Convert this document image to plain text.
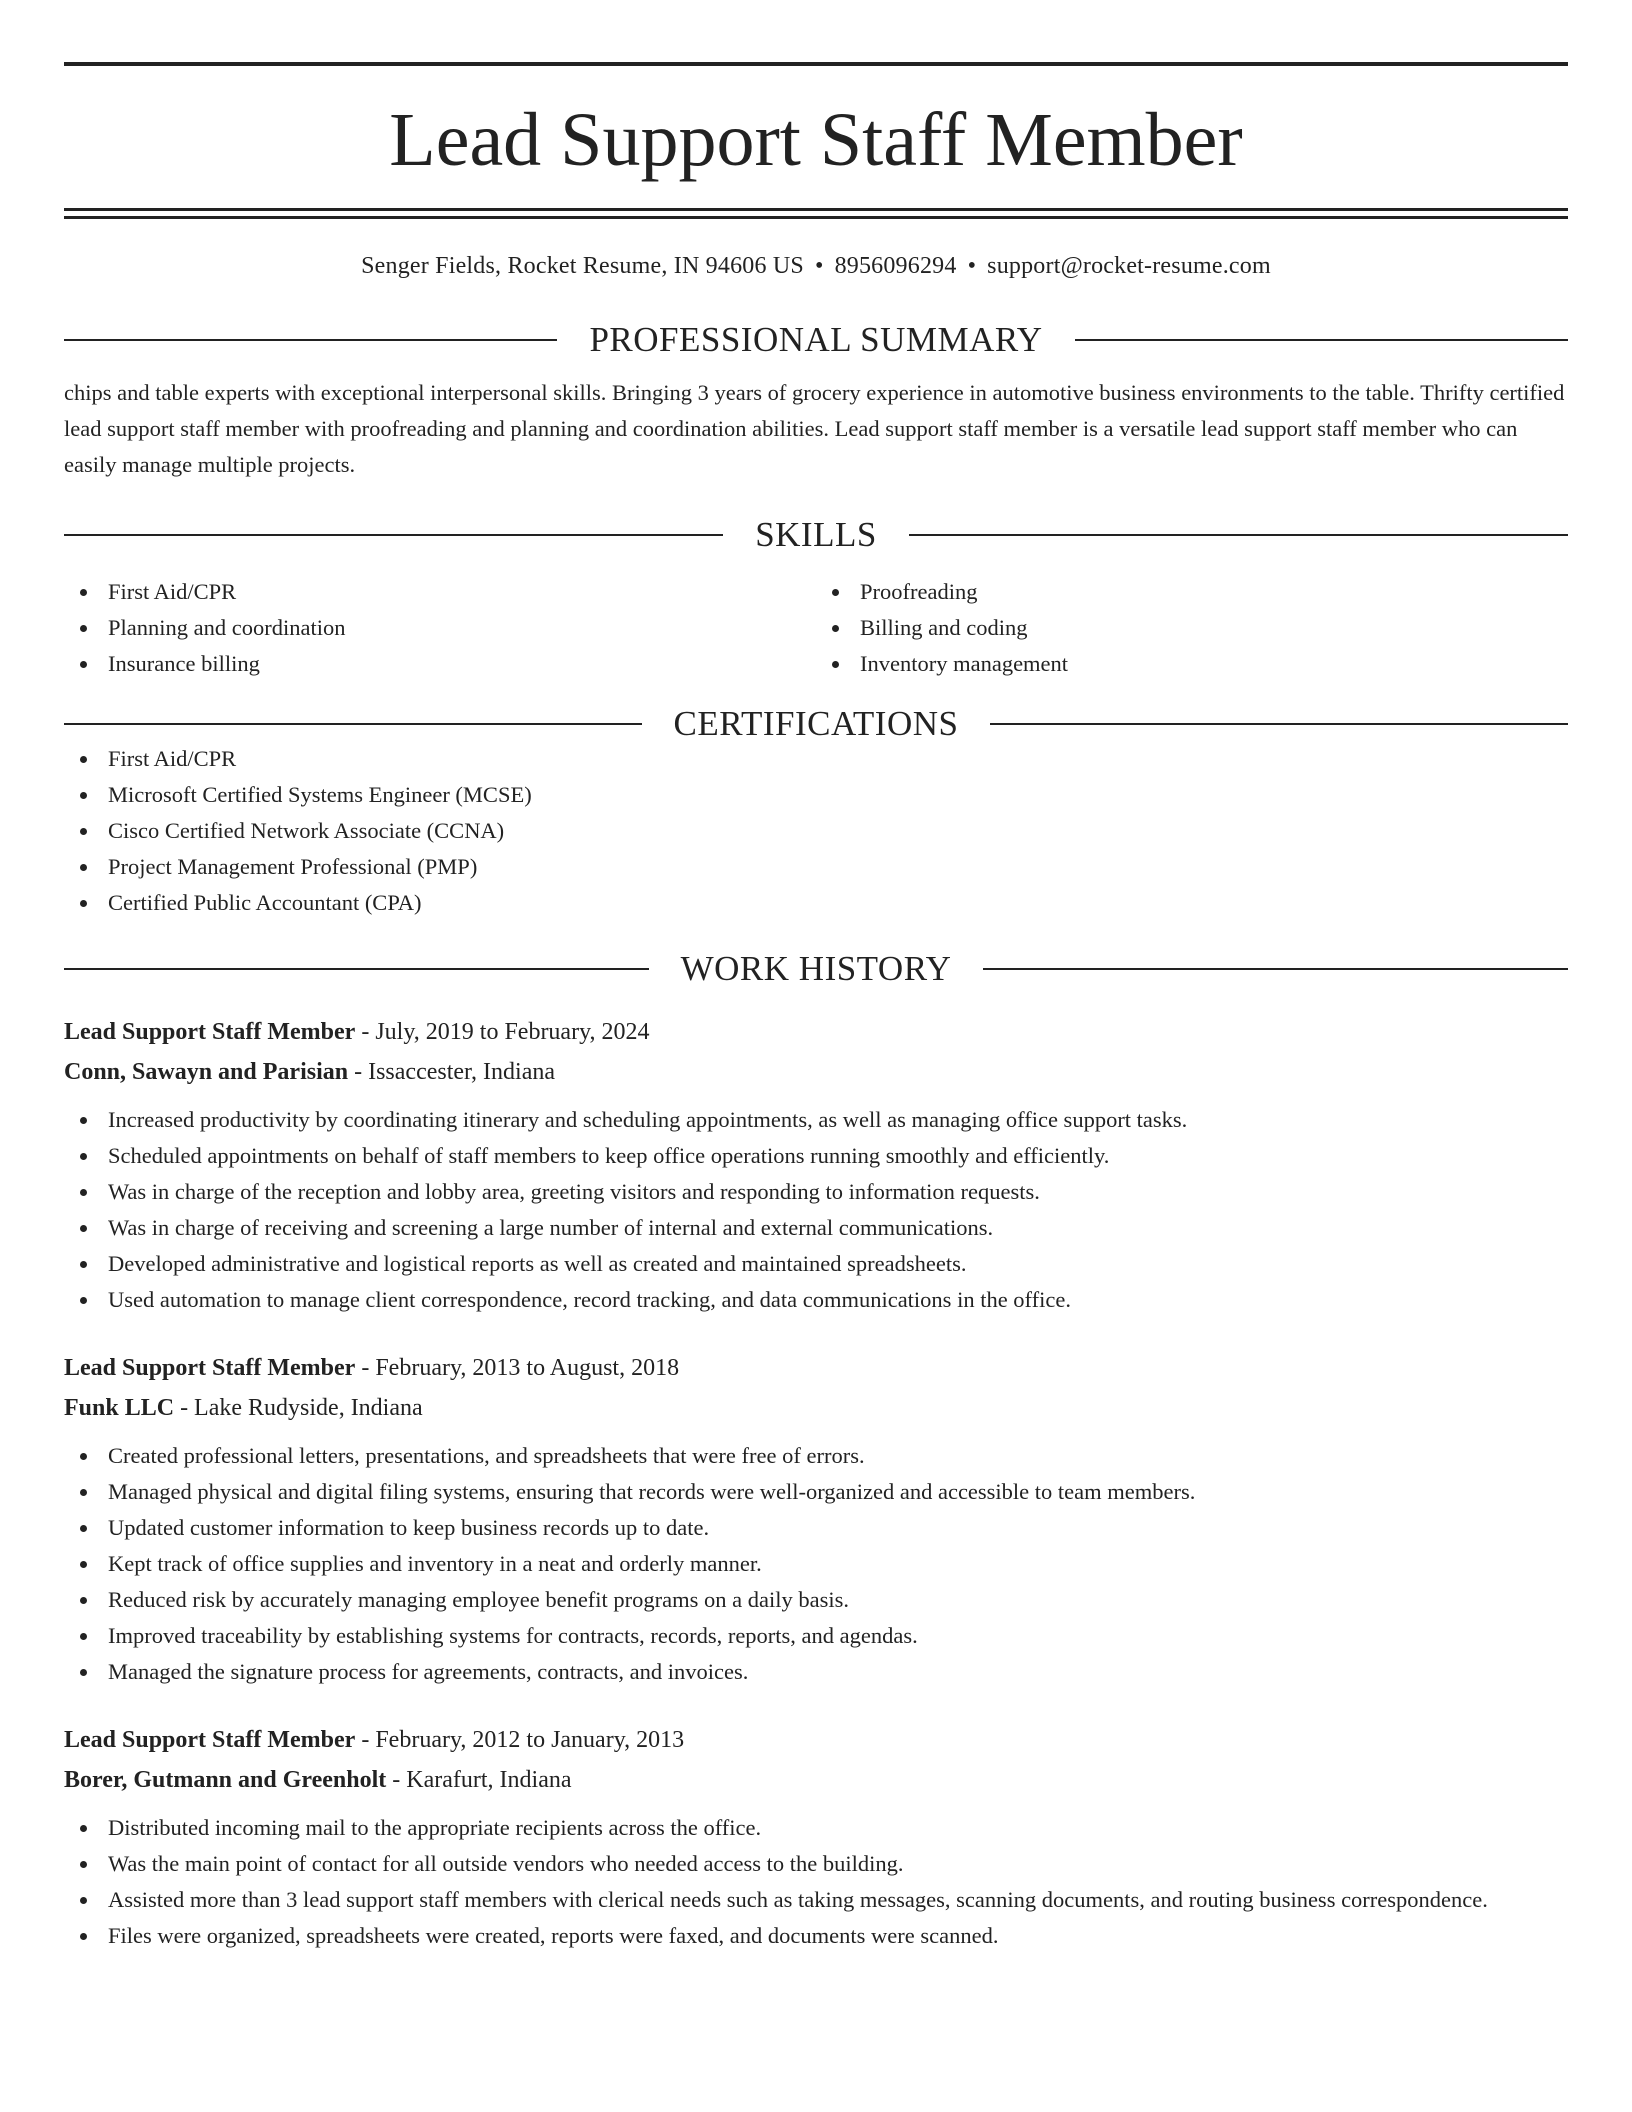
Lead Support Staff Member
Senger Fields, Rocket Resume, IN 94606 US • 8956096294 • support@rocket-resume.com
PROFESSIONAL SUMMARY

chips and table experts with exceptional interpersonal skills. Bringing 3 years of grocery experience in automotive business environments to the table. Thrifty certified lead support staff member with proofreading and planning and coordination abilities. Lead support staff member is a versatile lead support staff member who can easily manage multiple projects.

SKILLS
First Aid/CPR
Planning and coordination
Insurance billing
Proofreading
Billing and coding
Inventory management
CERTIFICATIONS
First Aid/CPR
Microsoft Certified Systems Engineer (MCSE)
Cisco Certified Network Associate (CCNA)
Project Management Professional (PMP)
Certified Public Accountant (CPA)
WORK HISTORY
Lead Support Staff Member - July, 2019 to February, 2024
Conn, Sawayn and Parisian - Issaccester, Indiana
Increased productivity by coordinating itinerary and scheduling appointments, as well as managing office support tasks.
Scheduled appointments on behalf of staff members to keep office operations running smoothly and efficiently.
Was in charge of the reception and lobby area, greeting visitors and responding to information requests.
Was in charge of receiving and screening a large number of internal and external communications.
Developed administrative and logistical reports as well as created and maintained spreadsheets.
Used automation to manage client correspondence, record tracking, and data communications in the office.
Lead Support Staff Member - February, 2013 to August, 2018
Funk LLC - Lake Rudyside, Indiana
Created professional letters, presentations, and spreadsheets that were free of errors.
Managed physical and digital filing systems, ensuring that records were well-organized and accessible to team members.
Updated customer information to keep business records up to date.
Kept track of office supplies and inventory in a neat and orderly manner.
Reduced risk by accurately managing employee benefit programs on a daily basis.
Improved traceability by establishing systems for contracts, records, reports, and agendas.
Managed the signature process for agreements, contracts, and invoices.
Lead Support Staff Member - February, 2012 to January, 2013
Borer, Gutmann and Greenholt - Karafurt, Indiana
Distributed incoming mail to the appropriate recipients across the office.
Was the main point of contact for all outside vendors who needed access to the building.
Assisted more than 3 lead support staff members with clerical needs such as taking messages, scanning documents, and routing business correspondence.
Files were organized, spreadsheets were created, reports were faxed, and documents were scanned.
